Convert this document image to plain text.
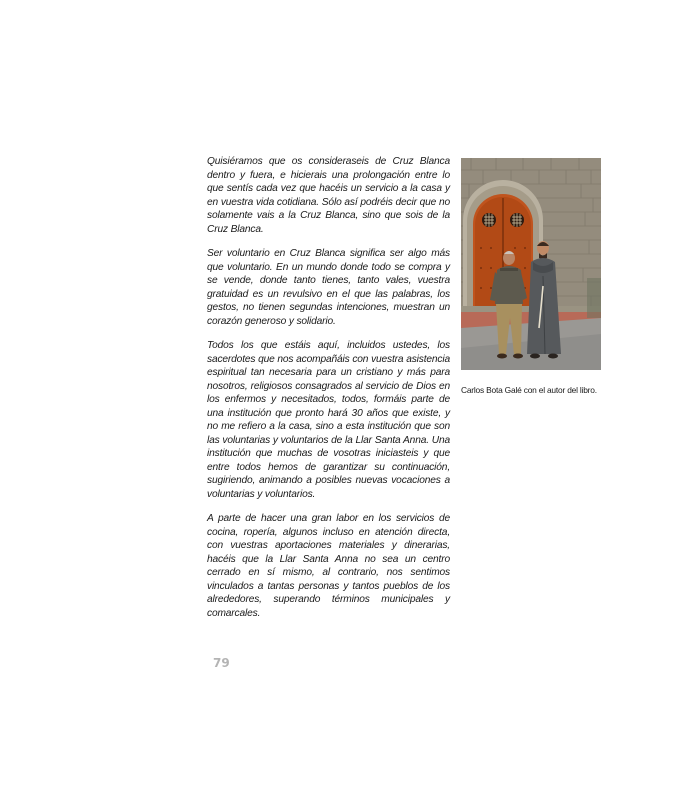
Quisiéramos que os consideraseis de Cruz Blanca dentro y fuera, e hicierais una prolongación entre lo que sentís cada vez que hacéis un servicio a la casa y en vuestra vida cotidiana. Sólo así podréis decir que no solamente vais a la Cruz Blanca, sino que sois de la Cruz Blanca.

Ser voluntario en Cruz Blanca significa ser algo más que voluntario. En un mundo donde todo se compra y se vende, donde tanto tienes, tanto vales, vuestra gratuidad es un revulsivo en el que las palabras, los gestos, no tienen segundas intenciones, muestran un corazón generoso y solidario.

Todos los que estáis aquí, incluidos ustedes, los sacerdotes que nos acompañáis con vuestra asistencia espiritual tan necesaria para un cristiano y más para nosotros, religiosos consagrados al servicio de Dios en los enfermos y necesitados, todos, formáis parte de una institución que pronto hará 30 años que existe, y no me refiero a la casa, sino a esta institución que son las voluntarias y voluntarios de la Llar Santa Anna. Una institución que muchas de vosotras iniciasteis y que entre todos hemos de garantizar su continuación, sugiriendo, animando a posibles nuevas vocaciones a voluntarias y voluntarios.

A parte de hacer una gran labor en los servicios de cocina, ropería, algunos incluso en atención directa, con vuestras aportaciones materiales y dinerarias, hacéis que la Llar Santa Anna no sea un centro cerrado en sí mismo, al contrario, nos sentimos vinculados a tantas personas y tantos pueblos de los alrededores, superando términos municipales y comarcales.

Carlos Bota Galé con el autor del libro.
79
